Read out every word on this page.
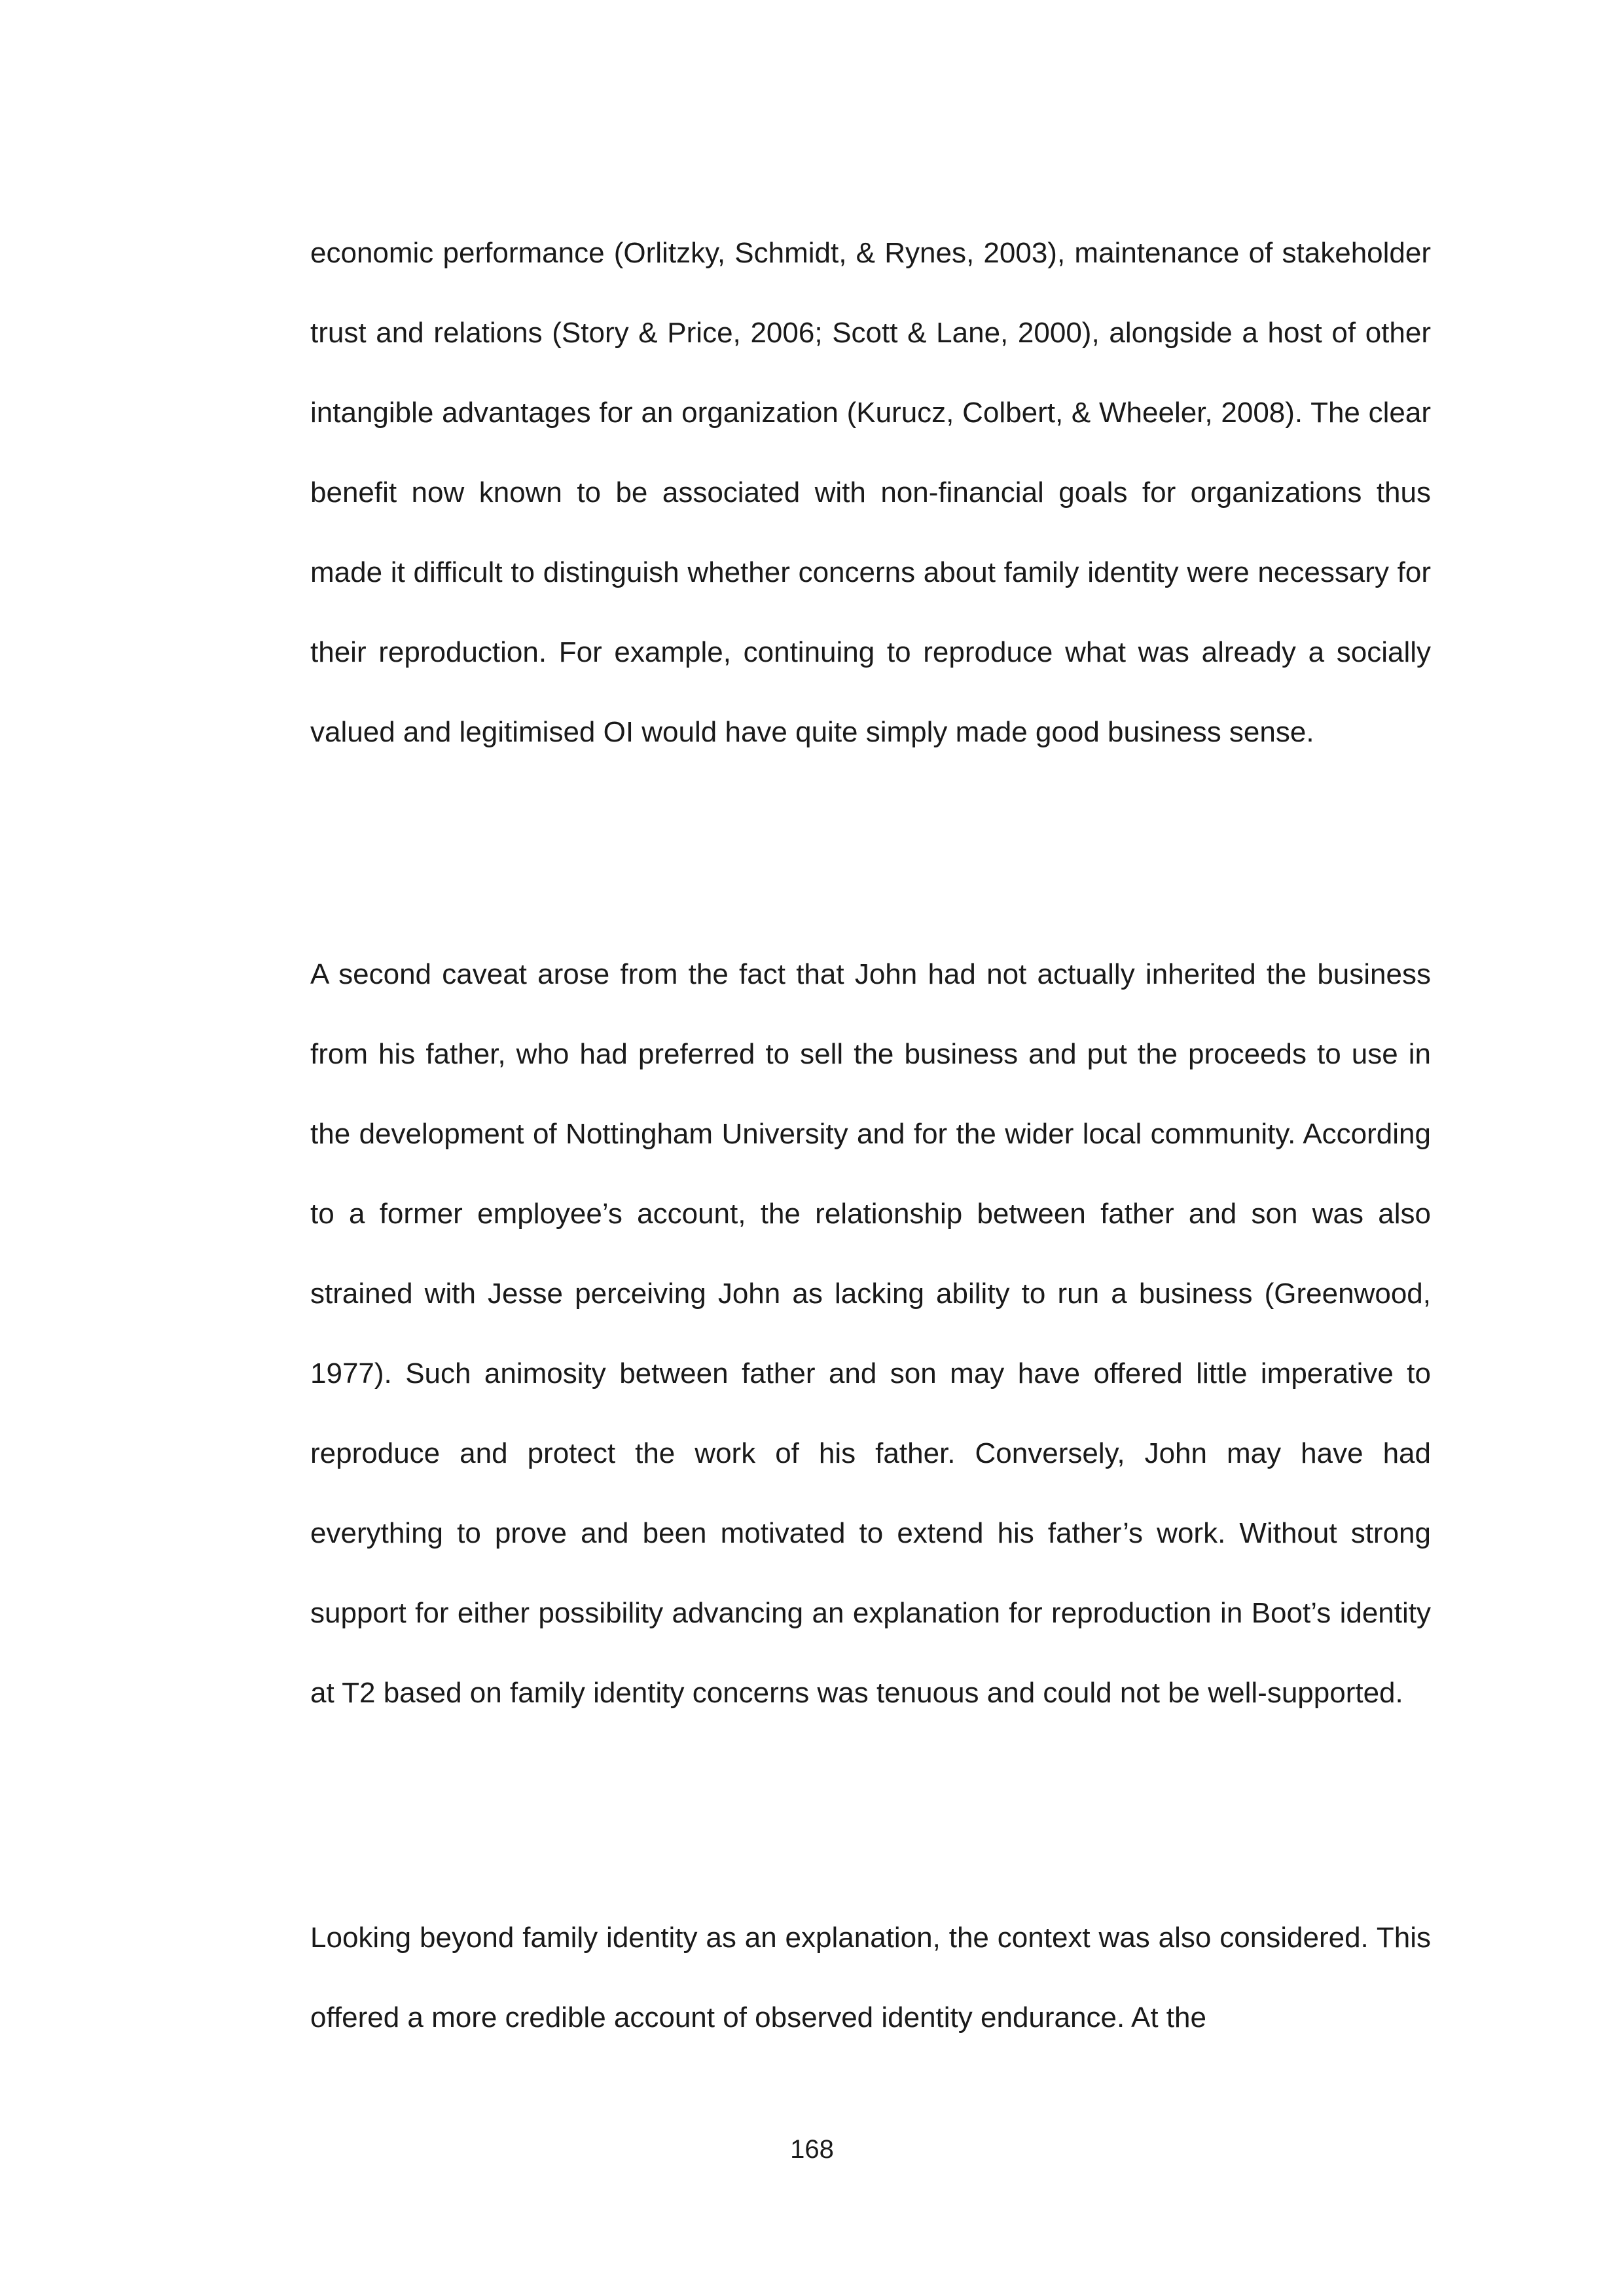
economic performance (Orlitzky, Schmidt, & Rynes, 2003), maintenance of stakeholder trust and relations (Story & Price, 2006; Scott & Lane, 2000), alongside a host of other intangible advantages for an organization (Kurucz, Colbert, & Wheeler, 2008). The clear benefit now known to be associated with non-financial goals for organizations thus made it difficult to distinguish whether concerns about family identity were necessary for their reproduction. For example, continuing to reproduce what was already a socially valued and legitimised OI would have quite simply made good business sense.

A second caveat arose from the fact that John had not actually inherited the business from his father, who had preferred to sell the business and put the proceeds to use in the development of Nottingham University and for the wider local community. According to a former employee’s account, the relationship between father and son was also strained with Jesse perceiving John as lacking ability to run a business (Greenwood, 1977). Such animosity between father and son may have offered little imperative to reproduce and protect the work of his father. Conversely, John may have had everything to prove and been motivated to extend his father’s work. Without strong support for either possibility advancing an explanation for reproduction in Boot’s identity at T2 based on family identity concerns was tenuous and could not be well-supported.

Looking beyond family identity as an explanation, the context was also considered. This offered a more credible account of observed identity endurance. At the

168
